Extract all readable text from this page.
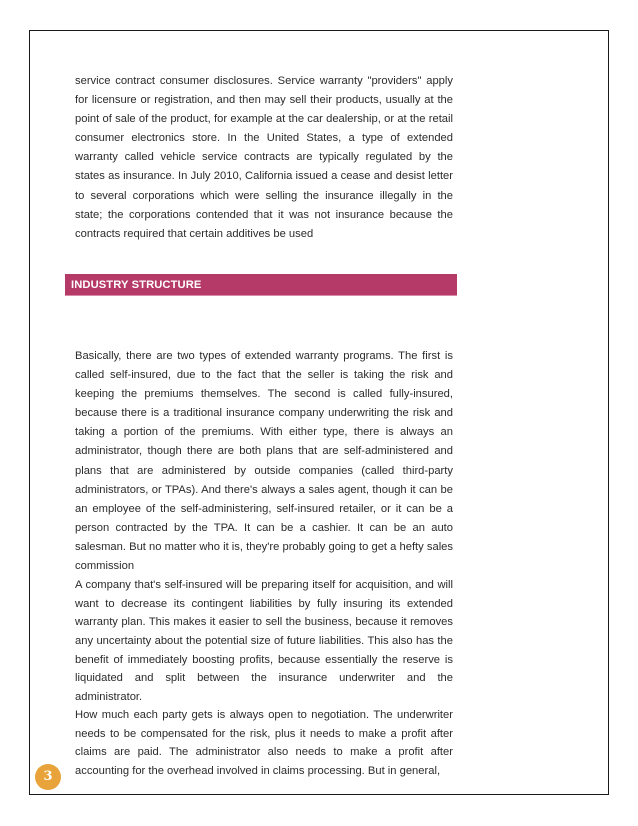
service contract consumer disclosures. Service warranty "providers" apply for licensure or registration, and then may sell their products, usually at the point of sale of the product, for example at the car dealership, or at the retail consumer electronics store. In the United States, a type of extended warranty called vehicle service contracts are typically regulated by the states as insurance. In July 2010, California issued a cease and desist letter to several corporations which were selling the insurance illegally in the state; the corporations contended that it was not insurance because the contracts required that certain additives be used

INDUSTRY STRUCTURE

Basically, there are two types of extended warranty programs. The first is called self-insured, due to the fact that the seller is taking the risk and keeping the premiums themselves. The second is called fully-insured, because there is a traditional insurance company underwriting the risk and taking a portion of the premiums. With either type, there is always an administrator, though there are both plans that are self-administered and plans that are administered by outside companies (called third-party administrators, or TPAs). And there's always a sales agent, though it can be an employee of the self-administering, self-insured retailer, or it can be a person contracted by the TPA. It can be a cashier. It can be an auto salesman. But no matter who it is, they're probably going to get a hefty sales commission

A company that's self-insured will be preparing itself for acquisition, and will want to decrease its contingent liabilities by fully insuring its extended warranty plan. This makes it easier to sell the business, because it removes any uncertainty about the potential size of future liabilities. This also has the benefit of immediately boosting profits, because essentially the reserve is liquidated and split between the insurance underwriter and the administrator.

How much each party gets is always open to negotiation. The underwriter needs to be compensated for the risk, plus it needs to make a profit after claims are paid. The administrator also needs to make a profit after accounting for the overhead involved in claims processing. But in general,

3
